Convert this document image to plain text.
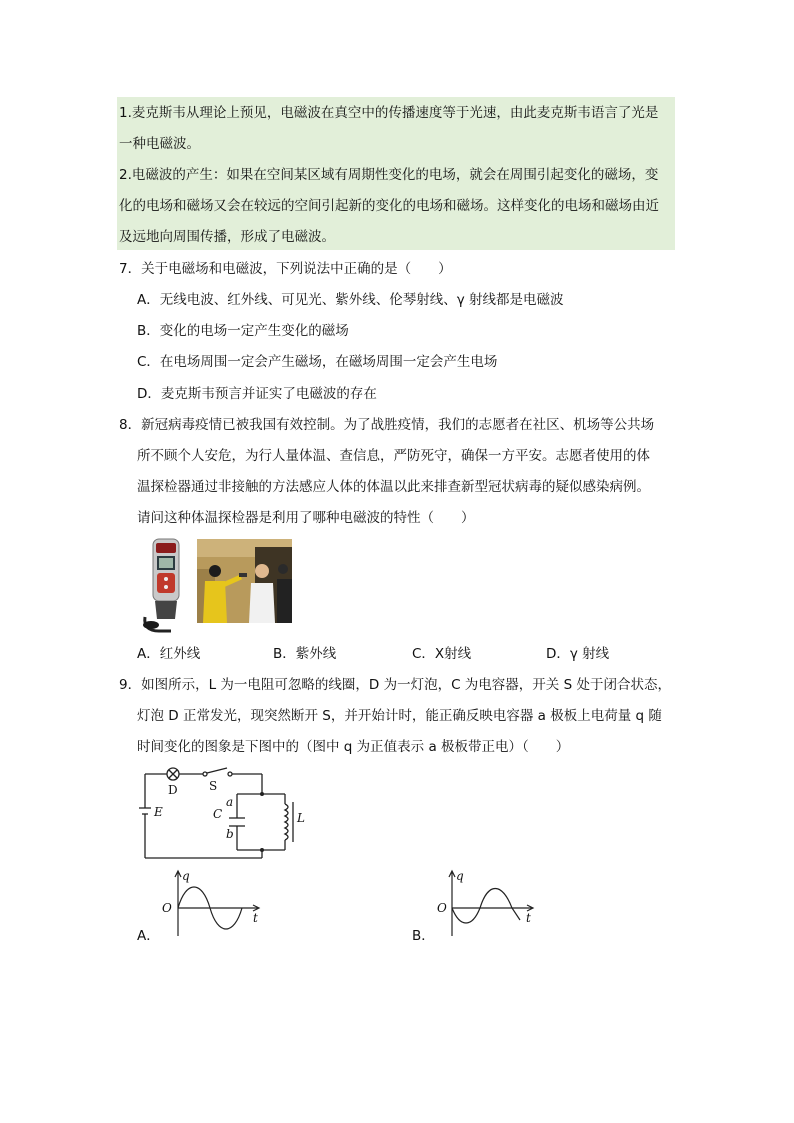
1.麦克斯韦从理论上预见，电磁波在真空中的传播速度等于光速，由此麦克斯韦语言了光是
一种电磁波。
2.电磁波的产生：如果在空间某区域有周期性变化的电场，就会在周围引起变化的磁场，变
化的电场和磁场又会在较远的空间引起新的变化的电场和磁场。这样变化的电场和磁场由近
及远地向周围传播，形成了电磁波。
7．关于电磁场和电磁波，下列说法中正确的是（　　）
A．无线电波、红外线、可见光、紫外线、伦琴射线、γ 射线都是电磁波
B．变化的电场一定产生变化的磁场
C．在电场周围一定会产生磁场，在磁场周围一定会产生电场
D．麦克斯韦预言并证实了电磁波的存在
8．新冠病毒疫情已被我国有效控制。为了战胜疫情，我们的志愿者在社区、机场等公共场
所不顾个人安危，为行人量体温、查信息，严防死守，确保一方平安。志愿者使用的体
温探检器通过非接触的方法感应人体的体温以此来排查新型冠状病毒的疑似感染病例。
请问这种体温探检器是利用了哪种电磁波的特性（　　）
A．红外线	B．紫外线	C．X射线	D．γ 射线
9．如图所示，L 为一电阻可忽略的线圈，D 为一灯泡，C 为电容器，开关 S 处于闭合状态，
灯泡 D 正常发光，现突然断开 S，并开始计时，能正确反映电容器 a 极板上电荷量 q 随
时间变化的图象是下图中的（图中 q 为正值表示 a 极板带正电）（　　）
D	S
E	C
a
b
L
q
O
t
A．
q
O
t
B．
